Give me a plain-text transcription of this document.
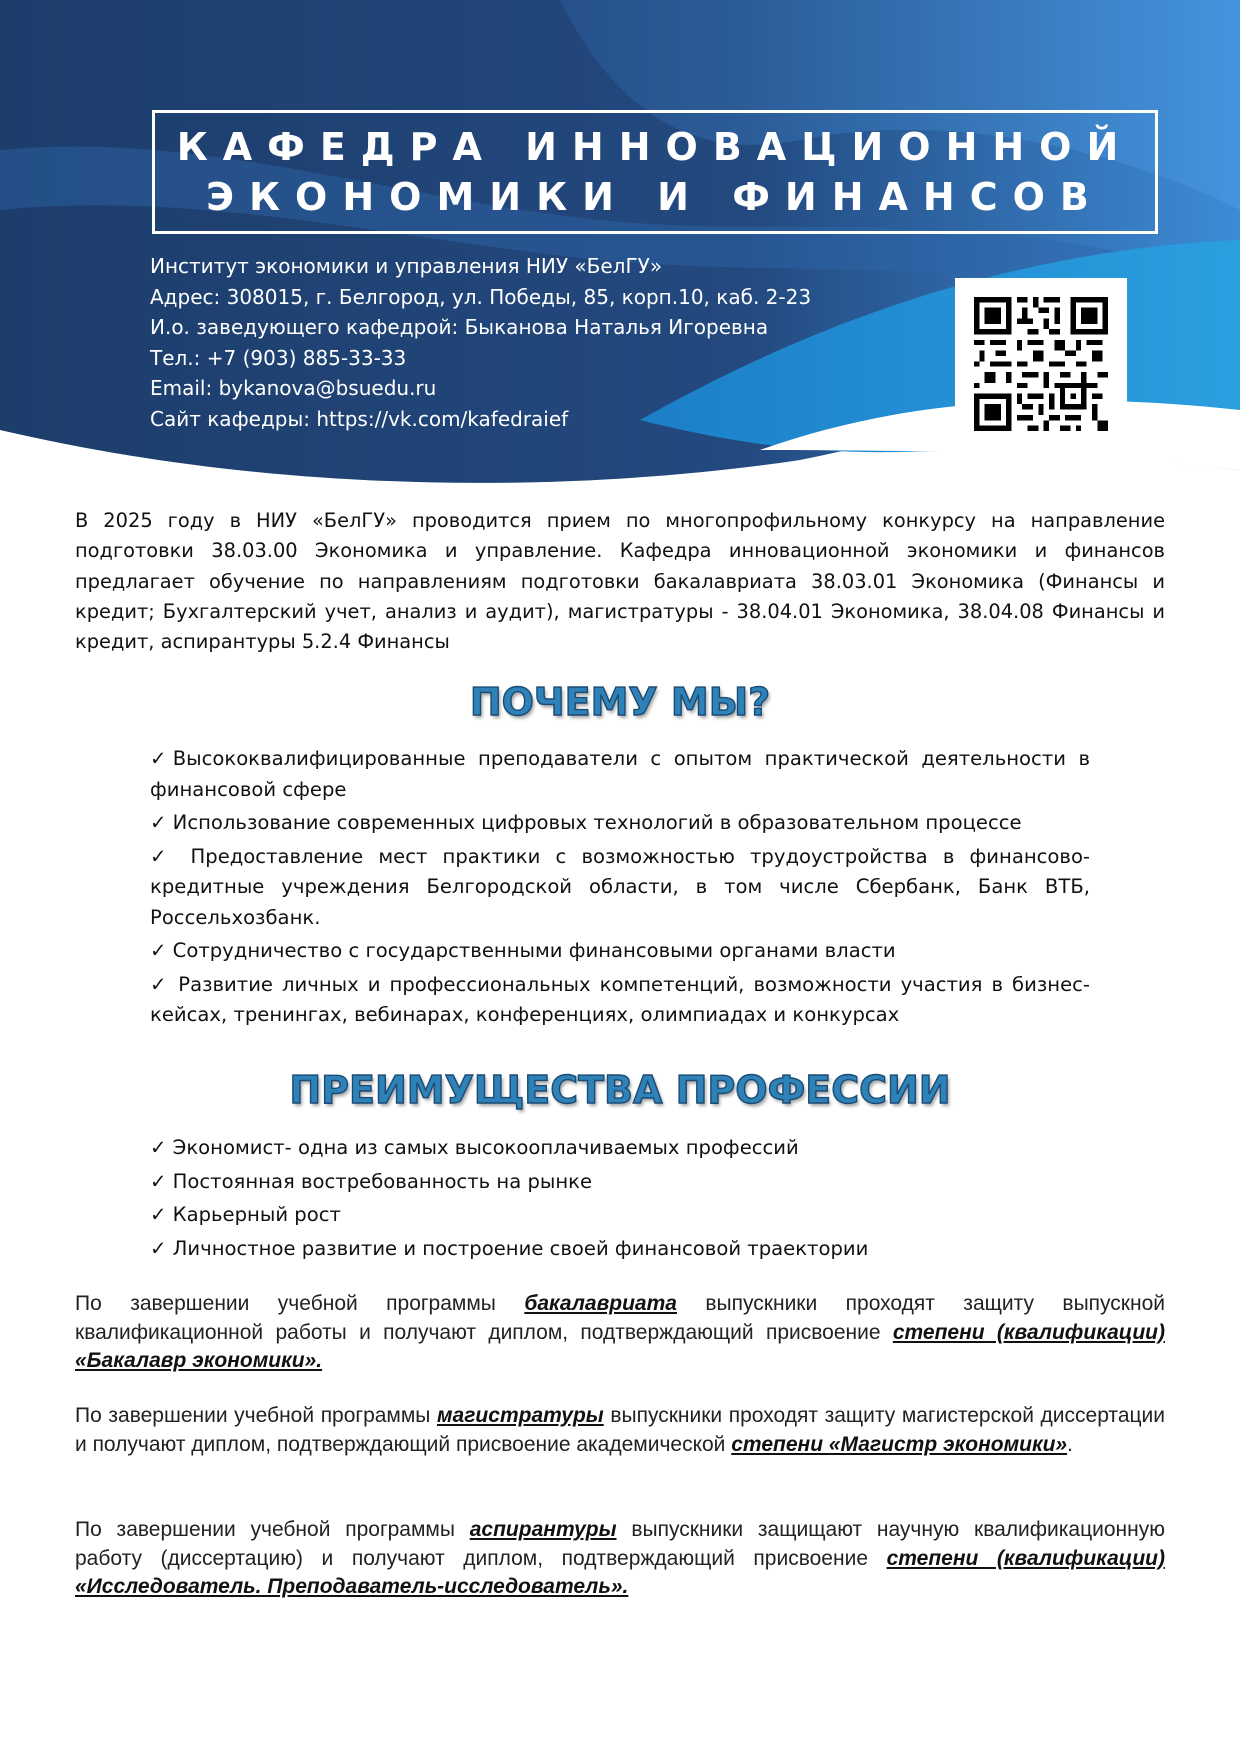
КАФЕДРА ИННОВАЦИОННОЙ
ЭКОНОМИКИ И ФИНАНСОВ
Институт экономики и управления НИУ «БелГУ»
Адрес: 308015, г. Белгород, ул. Победы, 85, корп.10, каб. 2-23
И.о. заведующего кафедрой: Быканова Наталья Игоревна
Тел.: +7 (903) 885-33-33
Email: bykanova@bsuedu.ru
Сайт кафедры: https://vk.com/kafedraief
В 2025 году в НИУ «БелГУ» проводится прием по многопрофильному конкурсу на направление подготовки 38.03.00 Экономика и управление. Кафедра инновационной экономики и финансов предлагает обучение по направлениям подготовки бакалавриата 38.03.01 Экономика (Финансы и кредит; Бухгалтерский учет, анализ и аудит), магистратуры - 38.04.01 Экономика, 38.04.08 Финансы и кредит, аспирантуры 5.2.4 Финансы
ПОЧЕМУ МЫ?
✓Высококвалифицированные преподаватели с опытом практической деятельности в финансовой сфере
✓ Использование современных цифровых технологий в образовательном процессе
✓ Предоставление мест практики с возможностью трудоустройства в финансово-кредитные учреждения Белгородской области, в том числе Сбербанк, Банк ВТБ, Россельхозбанк.
✓ Сотрудничество с государственными финансовыми органами власти
✓ Развитие личных и профессиональных компетенций, возможности участия в бизнес-кейсах, тренингах, вебинарах, конференциях, олимпиадах и конкурсах
ПРЕИМУЩЕСТВА ПРОФЕССИИ
✓ Экономист- одна из самых высокооплачиваемых профессий
✓ Постоянная востребованность на рынке
✓ Карьерный рост
✓ Личностное развитие и построение своей финансовой траектории
По завершении учебной программы бакалавриата выпускники проходят защиту выпускной квалификационной работы и получают диплом, подтверждающий присвоение степени (квалификации) «Бакалавр экономики».
По завершении учебной программы магистратуры выпускники проходят защиту магистерской диссертации и получают диплом, подтверждающий присвоение академической степени «Магистр экономики».
По завершении учебной программы аспирантуры выпускники защищают научную квалификационную работу (диссертацию) и получают диплом, подтверждающий присвоение степени (квалификации) «Исследователь. Преподаватель-исследователь».
